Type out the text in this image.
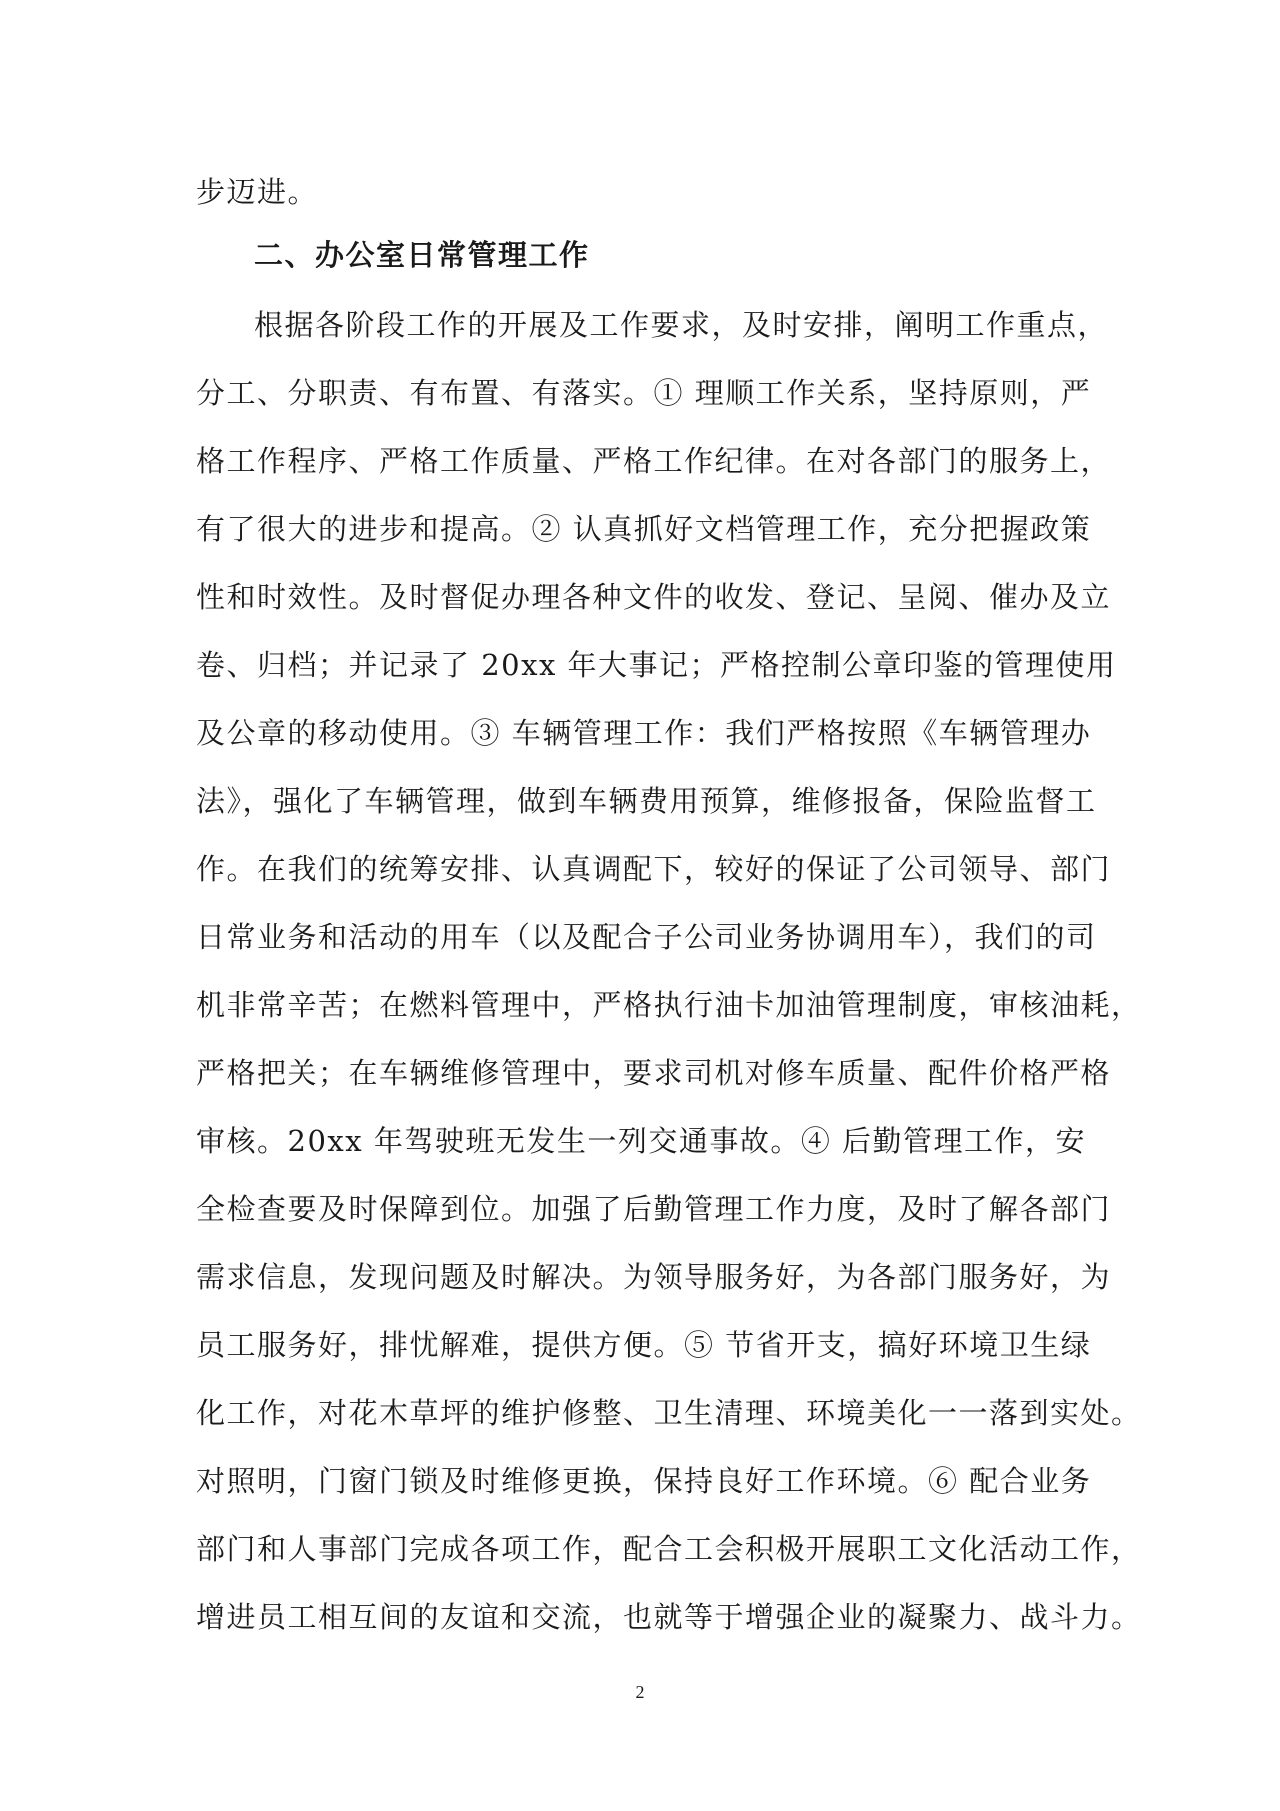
步迈进。
二、办公室日常管理工作
根据各阶段工作的开展及工作要求，及时安排，阐明工作重点，
分工、分职责、有布置、有落实。① 理顺工作关系，坚持原则，严
格工作程序、严格工作质量、严格工作纪律。在对各部门的服务上，
有了很大的进步和提高。② 认真抓好文档管理工作，充分把握政策
性和时效性。及时督促办理各种文件的收发、登记、呈阅、催办及立
卷、归档；并记录了 20xx 年大事记；严格控制公章印鉴的管理使用
及公章的移动使用。③ 车辆管理工作：我们严格按照《车辆管理办
法》，强化了车辆管理，做到车辆费用预算，维修报备，保险监督工
作。在我们的统筹安排、认真调配下，较好的保证了公司领导、部门
日常业务和活动的用车（以及配合子公司业务协调用车），我们的司
机非常辛苦；在燃料管理中，严格执行油卡加油管理制度，审核油耗，
严格把关；在车辆维修管理中，要求司机对修车质量、配件价格严格
审核。20xx 年驾驶班无发生一列交通事故。④ 后勤管理工作，安
全检查要及时保障到位。加强了后勤管理工作力度，及时了解各部门
需求信息，发现问题及时解决。为领导服务好，为各部门服务好，为
员工服务好，排忧解难，提供方便。⑤ 节省开支，搞好环境卫生绿
化工作，对花木草坪的维护修整、卫生清理、环境美化一一落到实处。
对照明，门窗门锁及时维修更换，保持良好工作环境。⑥ 配合业务
部门和人事部门完成各项工作，配合工会积极开展职工文化活动工作，
增进员工相互间的友谊和交流，也就等于增强企业的凝聚力、战斗力。
2
